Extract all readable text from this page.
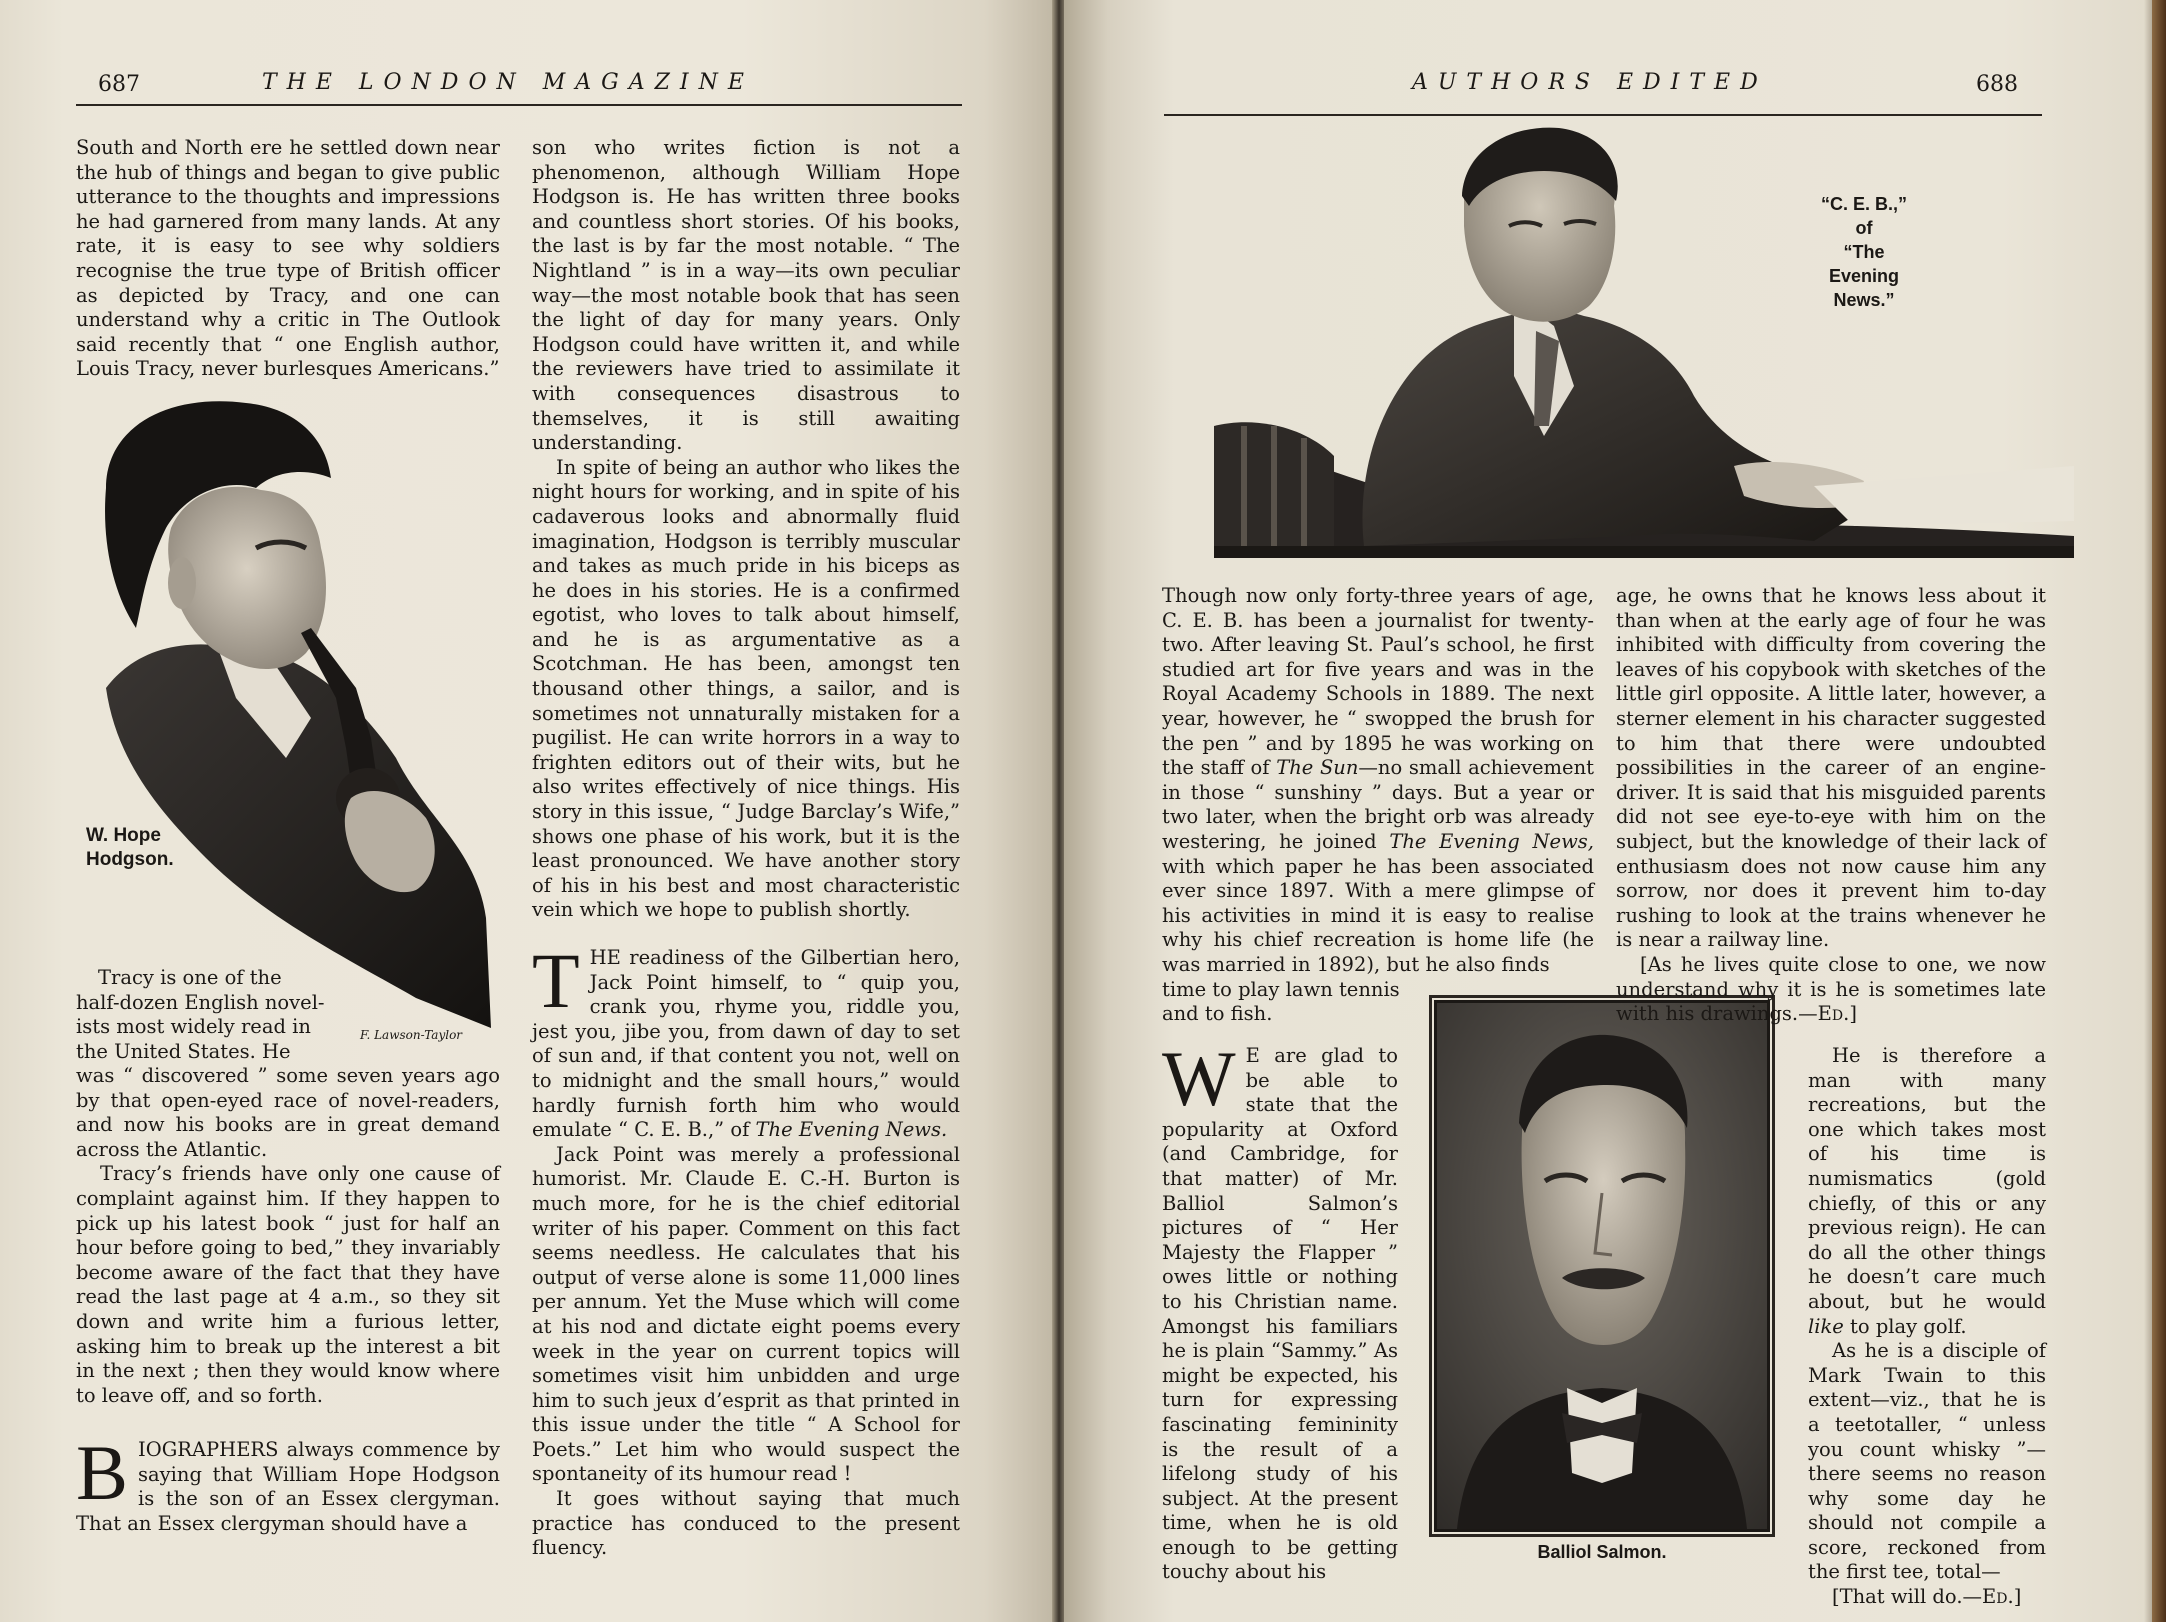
687	THE LONDON MAGAZINE

South and North ere he settled down near the hub of things and began to give public utterance to the thoughts and impressions he had garnered from many lands. At any rate, it is easy to see why soldiers recognise the true type of British officer as depicted by Tracy, and one can understand why a critic in The Outlook said recently that “ one English author, Louis Tracy, never burlesques Americans.”

W. Hope
Hodgson.
F. Lawson-Taylor
Tracy is one of the
half-dozen English novel-
ists most widely read in
the United States. He

was “ discovered ” some seven years ago by that open-eyed race of novel-readers, and now his books are in great demand across the Atlantic.

Tracy’s friends have only one cause of complaint against him. If they happen to pick up his latest book “ just for half an hour before going to bed,” they invariably become aware of the fact that they have read the last page at 4 a.m., so they sit down and write him a furious letter, asking him to break up the interest a bit in the next ; then they would know where to leave off, and so forth.

B IOGRAPHERS always commence by saying that William Hope Hodgson is the son of an Essex clergyman. That an Essex clergyman should have a

son who writes fiction is not a phenomenon, although William Hope Hodgson is. He has written three books and countless short stories. Of his books, the last is by far the most notable. “ The Nightland ” is in a way—its own peculiar way—the most notable book that has seen the light of day for many years. Only Hodgson could have written it, and while the reviewers have tried to assimilate it with consequences disastrous to themselves, it is still awaiting understanding.

In spite of being an author who likes the night hours for working, and in spite of his cadaverous looks and abnormally fluid imagination, Hodgson is terribly muscular and takes as much pride in his biceps as he does in his stories. He is a confirmed egotist, who loves to talk about himself, and he is as argumentative as a Scotchman. He has been, amongst ten thousand other things, a sailor, and is sometimes not unnaturally mistaken for a pugilist. He can write horrors in a way to frighten editors out of their wits, but he also writes effectively of nice things. His story in this issue, “ Judge Barclay’s Wife,” shows one phase of his work, but it is the least pronounced. We have another story of his in his best and most characteristic vein which we hope to publish shortly.

T HE readiness of the Gilbertian hero, Jack Point himself, to “ quip you, crank you, rhyme you, riddle you, jest you, jibe you, from dawn of day to set of sun and, if that content you not, well on to midnight and the small hours,” would hardly furnish forth him who would emulate “ C. E. B.,” of The Evening News.

Jack Point was merely a professional humorist. Mr. Claude E. C.-H. Burton is much more, for he is the chief editorial writer of his paper. Comment on this fact seems needless. He calculates that his output of verse alone is some 11,000 lines per annum. Yet the Muse which will come at his nod and dictate eight poems every week in the year on current topics will sometimes visit him unbidden and urge him to such jeux d’esprit as that printed in this issue under the title “ A School for Poets.” Let him who would suspect the spontaneity of its humour read !

It goes without saying that much practice has conduced to the present fluency.

AUTHORS EDITED	688
“C. E. B.,”
of
“The
Evening
News.”

Though now only forty-three years of age, C. E. B. has been a journalist for twenty-two. After leaving St. Paul’s school, he first studied art for five years and was in the Royal Academy Schools in 1889. The next year, however, he “ swopped the brush for the pen ” and by 1895 he was working on the staff of The Sun—no small achievement in those “ sunshiny ” days. But a year or two later, when the bright orb was already westering, he joined The Evening News, with which paper he has been associated ever since 1897. With a mere glimpse of his activities in mind it is easy to realise why his chief recreation is home life (he was married in 1892), but he also finds

time to play lawn tennis
and to fish.
W E are glad to be able to state that the popularity at Oxford (and Cambridge, for that matter) of Mr. Balliol Salmon’s pictures of “ Her Majesty the Flapper ” owes little or nothing to his Christian name. Amongst his familiars he is plain “Sammy.” As might be expected, his turn for expressing fascinating femininity is the result of a lifelong study of his subject. At the present time, when he is old enough to be getting touchy about his
Balliol Salmon.

age, he owns that he knows less about it than when at the early age of four he was inhibited with difficulty from covering the leaves of his copybook with sketches of the little girl opposite. A little later, however, a sterner element in his character suggested to him that there were undoubted possibilities in the career of an engine-driver. It is said that his misguided parents did not see eye-to-eye with him on the subject, but the knowledge of their lack of enthusiasm does not now cause him any sorrow, nor does it prevent him to-day rushing to look at the trains whenever he is near a railway line.

[As he lives quite close to one, we now understand why it is he is sometimes late with his drawings.—Ed.]

He is therefore a man with many recreations, but the one which takes most of his time is numismatics (gold chiefly, of this or any previous reign). He can do all the other things he doesn’t care much about, but he would like to play golf.

As he is a disciple of Mark Twain to this extent—viz., that he is a teetotaller, “ unless you count whisky ”—there seems no reason why some day he should not compile a score, reckoned from the first tee, total—

[That will do.—Ed.]
